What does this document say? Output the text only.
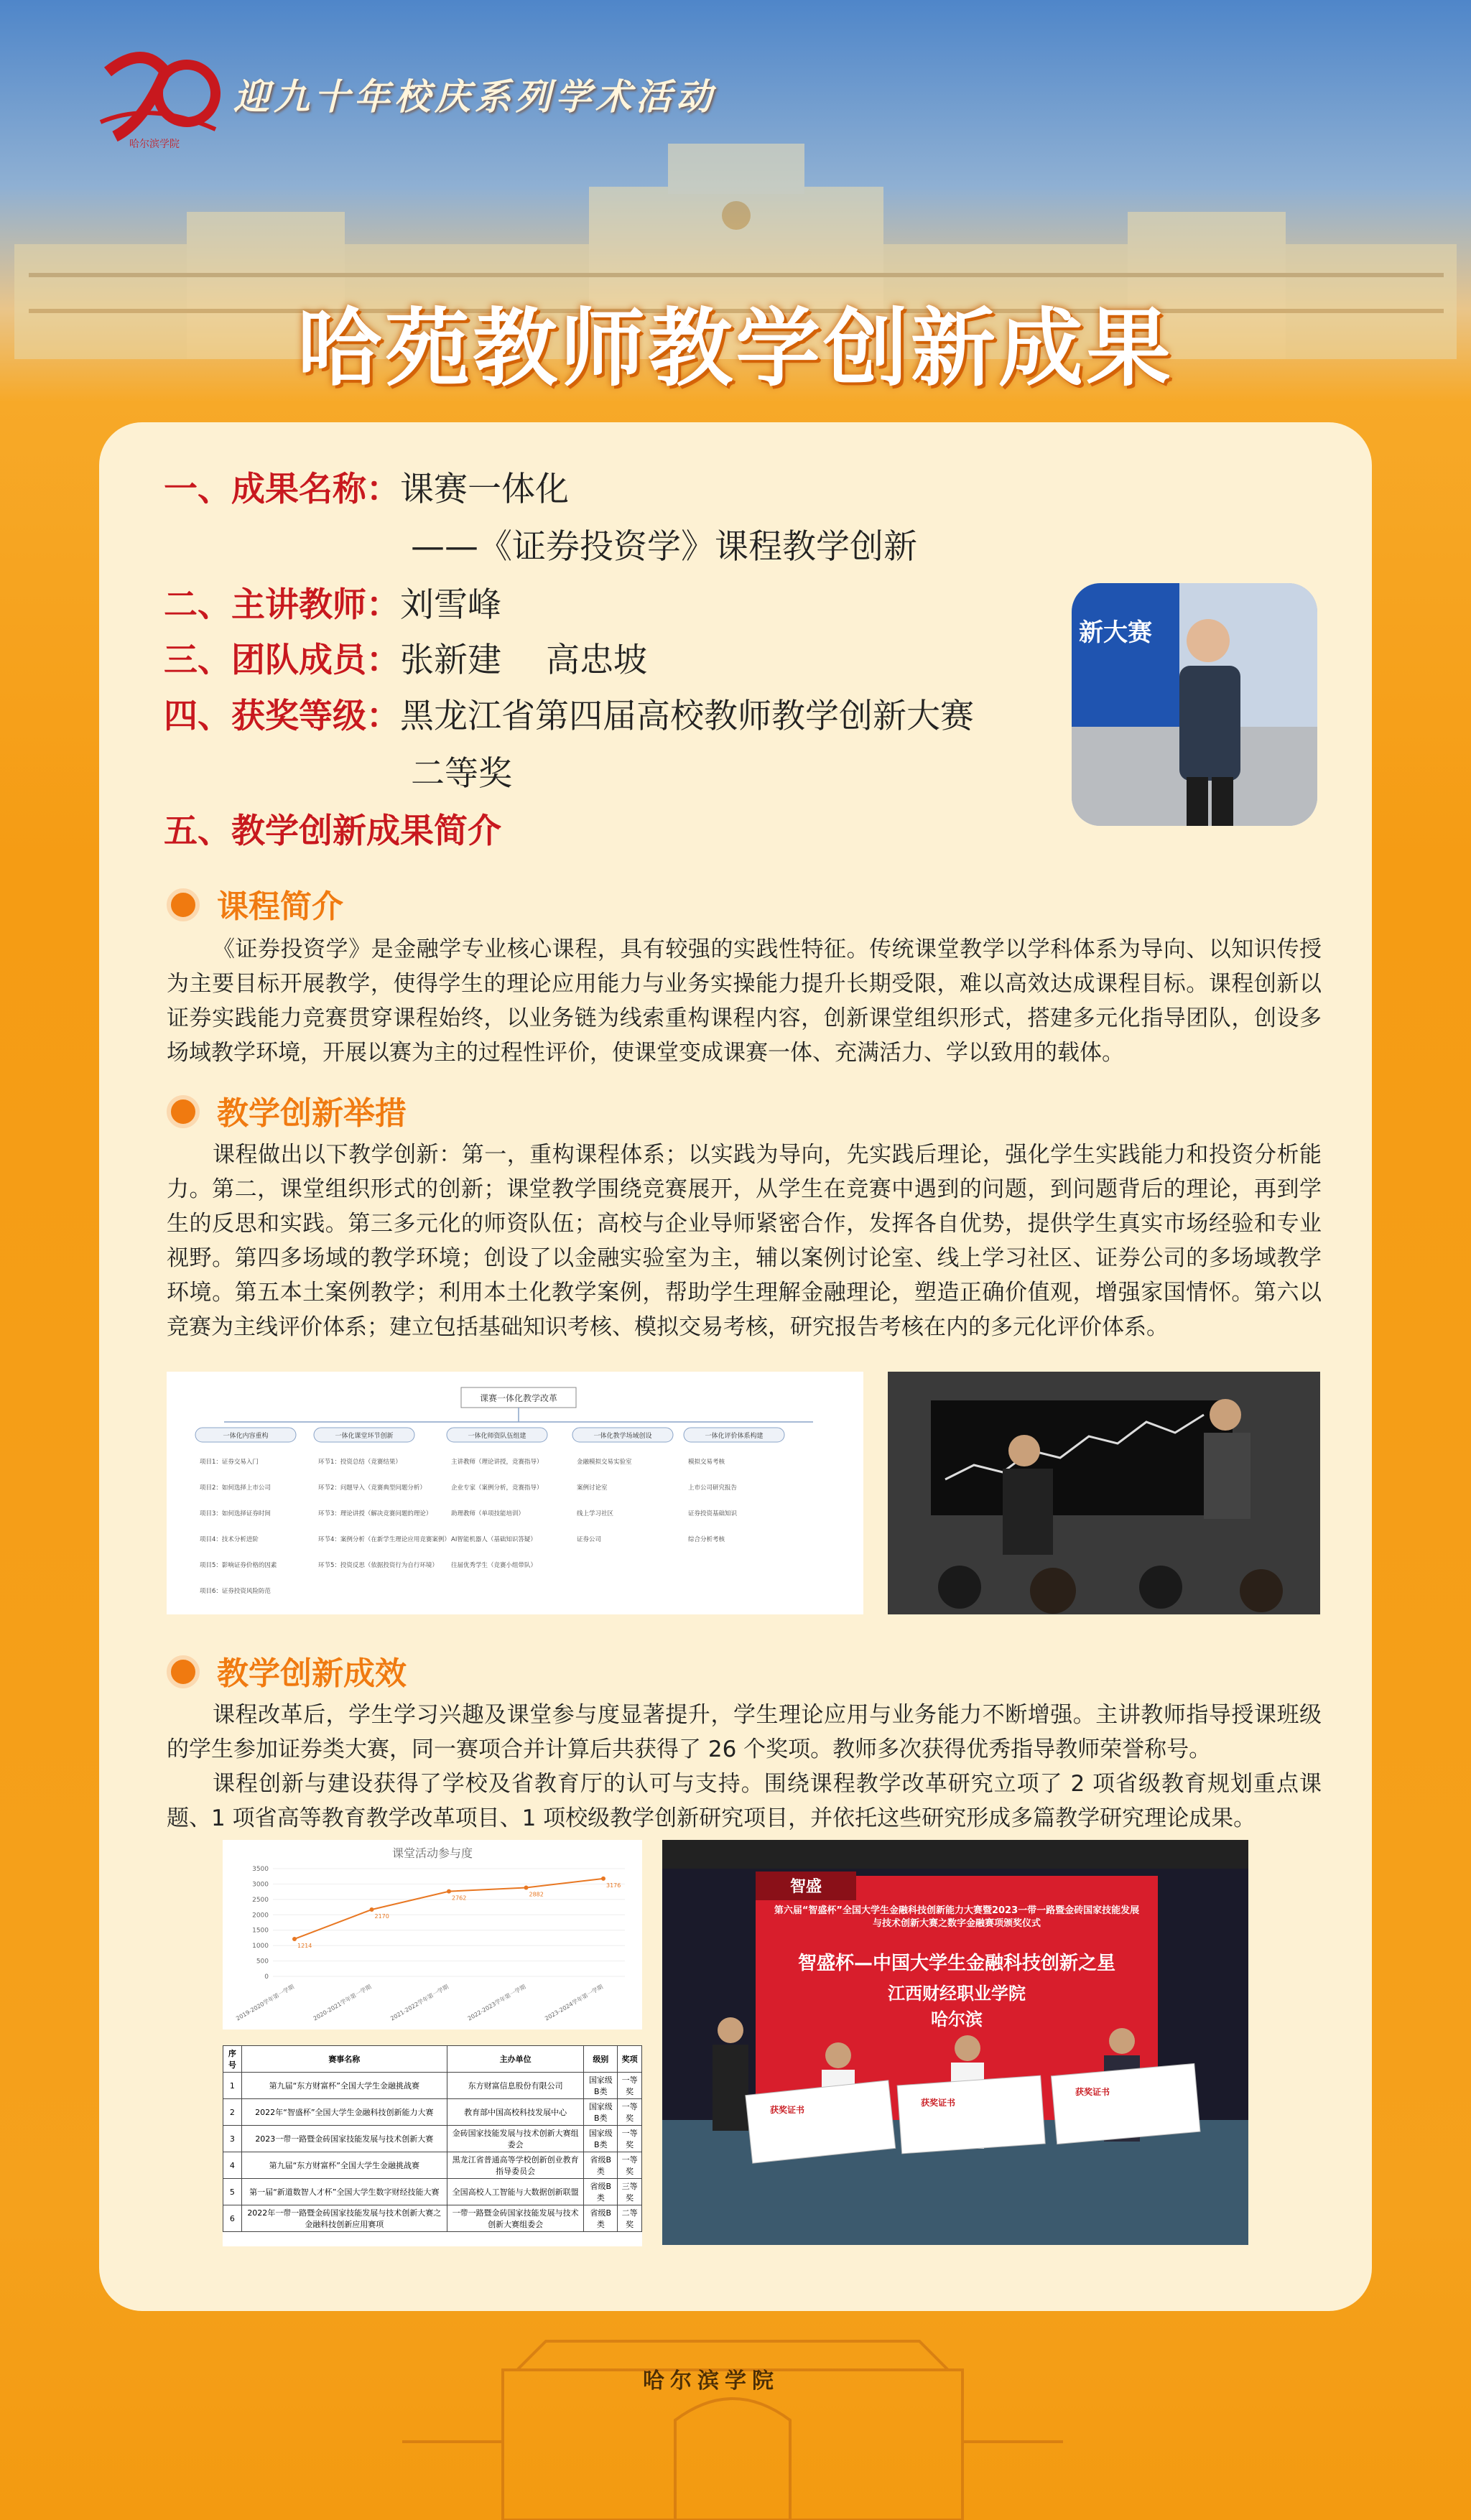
哈尔滨学院
迎九十年校庆系列学术活动
哈苑教师教学创新成果
一、成果名称：课赛一体化
——《证券投资学》课程教学创新
二、主讲教师：刘雪峰
三、团队成员：张新建　 高忠坡
四、获奖等级：黑龙江省第四届高校教师教学创新大赛
二等奖
五、教学创新成果简介
新大赛
课程简介
《证券投资学》是金融学专业核心课程，具有较强的实践性特征。传统课堂教学以学科体系为导向、以知识传授为主要目标开展教学，使得学生的理论应用能力与业务实操能力提升长期受限，难以高效达成课程目标。课程创新以证券实践能力竞赛贯穿课程始终，以业务链为线索重构课程内容，创新课堂组织形式，搭建多元化指导团队，创设多场域教学环境，开展以赛为主的过程性评价，使课堂变成课赛一体、充满活力、学以致用的载体。
教学创新举措
课程做出以下教学创新：第一，重构课程体系；以实践为导向，先实践后理论，强化学生实践能力和投资分析能力。第二，课堂组织形式的创新；课堂教学围绕竞赛展开，从学生在竞赛中遇到的问题，到问题背后的理论，再到学生的反思和实践。第三多元化的师资队伍；高校与企业导师紧密合作，发挥各自优势，提供学生真实市场经验和专业视野。第四多场域的教学环境；创设了以金融实验室为主，辅以案例讨论室、线上学习社区、证券公司的多场域教学环境。第五本土案例教学；利用本土化教学案例，帮助学生理解金融理论，塑造正确价值观，增强家国情怀。第六以竞赛为主线评价体系；建立包括基础知识考核、模拟交易考核，研究报告考核在内的多元化评价体系。
课赛一体化教学改革
一体化内容重构
项目1：证券交易入门
项目2：如何选择上市公司
项目3：如何选择证券时间
项目4：技术分析进阶
项目5：影响证券价格的因素
项目6：证券投资风险防范
一体化课堂环节创新
环节1：投资总结（竞赛结果）
环节2：问题导入（竞赛典型问题分析）
环节3：理论讲授（解决竞赛问题的理论）
环节4：案例分析（在新学生理论应用竞赛案例）
环节5：投资反思（依据投资行为自行环境）
一体化师资队伍组建
主讲教师（理论讲授，竞赛指导）
企业专家（案例分析，竞赛指导）
助理教师（单项技能培训）
AI智能机器人（基础知识答疑）
往届优秀学生（竞赛小组带队）
一体化教学场域创设
金融模拟交易实验室
案例讨论室
线上学习社区
证券公司
一体化评价体系构建
模拟交易考核
上市公司研究报告
证券投资基础知识
综合分析考核
教学创新成效
课程改革后，学生学习兴趣及课堂参与度显著提升，学生理论应用与业务能力不断增强。主讲教师指导授课班级的学生参加证券类大赛，同一赛项合并计算后共获得了 26 个奖项。教师多次获得优秀指导教师荣誉称号。
课程创新与建设获得了学校及省教育厅的认可与支持。围绕课程教学改革研究立项了 2 项省级教育规划重点课题、1 项省高等教育教学改革项目、1 项校级教学创新研究项目，并依托这些研究形成多篇教学研究理论成果。
课堂活动参与度
0
500
1000
1500
2000
2500
3000
3500
1214
2170
2762
2882
3176
2019-2020学年第一学期	2020-2021学年第一学期	2021-2022学年第一学期	2022-2023学年第一学期	2023-2024学年第一学期
序号	赛事名称	主办单位	级别	奖项
1	第九届“东方财富杯”全国大学生金融挑战赛	东方财富信息股份有限公司	国家级B类	一等奖
2	2022年“智盛杯”全国大学生金融科技创新能力大赛	教育部中国高校科技发展中心	国家级B类	一等奖
3	2023一带一路暨金砖国家技能发展与技术创新大赛	金砖国家技能发展与技术创新大赛组委会	国家级B类	一等奖
4	第九届“东方财富杯”全国大学生金融挑战赛	黑龙江省普通高等学校创新创业教育指导委员会	省级B类	一等奖
5	第一届“新道数智人才杯”全国大学生数字财经技能大赛	全国高校人工智能与大数据创新联盟	省级B类	三等奖
6	2022年一带一路暨金砖国家技能发展与技术创新大赛之金融科技创新应用赛项	一带一路暨金砖国家技能发展与技术创新大赛组委会	省级B类	二等奖
智盛
第六届“智盛杯”全国大学生金融科技创新能力大赛暨2023一带一路暨金砖国家技能发展与技术创新大赛之数字金融赛项颁奖仪式
智盛杯—中国大学生金融科技创新之星
江西财经职业学院
哈尔滨
获奖证书
获奖证书
获奖证书
哈尔滨学院
